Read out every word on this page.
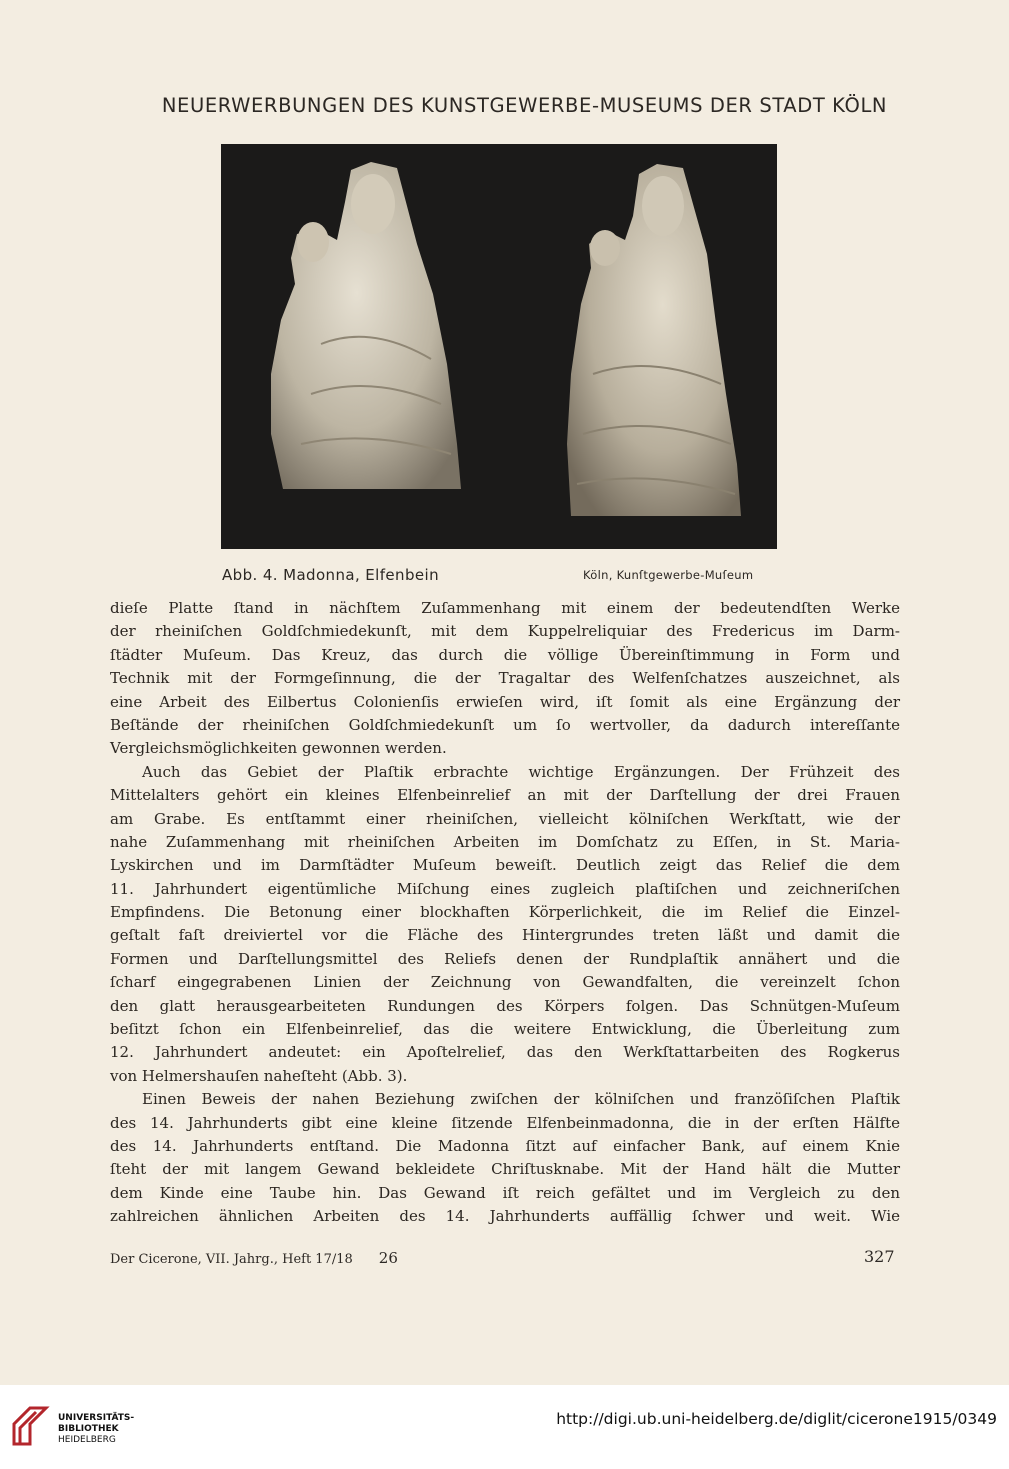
NEUERWERBUNGEN DES KUNSTGEWERBE-MUSEUMS DER STADT KÖLN
Abb. 4. Madonna, Elfenbein	Köln, Kunſtgewerbe-Muſeum
dieſe Platte ſtand in nächſtem Zuſammenhang mit einem der bedeutendſten Werke
der rheiniſchen Goldſchmiedekunſt, mit dem Kuppelreliquiar des Fredericus im Darm-
ſtädter Muſeum. Das Kreuz, das durch die völlige Übereinſtimmung in Form und
Technik mit der Formgeſinnung, die der Tragaltar des Welfenſchatzes auszeichnet, als
eine Arbeit des Eilbertus Colonienſis erwieſen wird, iſt ſomit als eine Ergänzung der
Beſtände der rheiniſchen Goldſchmiedekunſt um ſo wertvoller, da dadurch intereſſante
Vergleichsmöglichkeiten gewonnen werden.
Auch das Gebiet der Plaſtik erbrachte wichtige Ergänzungen. Der Frühzeit des
Mittelalters gehört ein kleines Elfenbeinrelief an mit der Darſtellung der drei Frauen
am Grabe. Es entſtammt einer rheiniſchen, vielleicht kölniſchen Werkſtatt, wie der
nahe Zuſammenhang mit rheiniſchen Arbeiten im Domſchatz zu Eſſen, in St. Maria-
Lyskirchen und im Darmſtädter Muſeum beweiſt. Deutlich zeigt das Relief die dem
11. Jahrhundert eigentümliche Miſchung eines zugleich plaſtiſchen und zeichneriſchen
Empfindens. Die Betonung einer blockhaften Körperlichkeit, die im Relief die Einzel-
geſtalt faſt dreiviertel vor die Fläche des Hintergrundes treten läßt und damit die
Formen und Darſtellungsmittel des Reliefs denen der Rundplaſtik annähert und die
ſcharf eingegrabenen Linien der Zeichnung von Gewandfalten, die vereinzelt ſchon
den glatt herausgearbeiteten Rundungen des Körpers folgen. Das Schnütgen-Muſeum
beſitzt ſchon ein Elfenbeinrelief, das die weitere Entwicklung, die Überleitung zum
12. Jahrhundert andeutet: ein Apoſtelrelief, das den Werkſtattarbeiten des Rogkerus
von Helmershauſen naheſteht (Abb. 3).
Einen Beweis der nahen Beziehung zwiſchen der kölniſchen und franzöſiſchen Plaſtik
des 14. Jahrhunderts gibt eine kleine ſitzende Elfenbeinmadonna, die in der erſten Hälfte
des 14. Jahrhunderts entſtand. Die Madonna ſitzt auf einfacher Bank, auf einem Knie
ſteht der mit langem Gewand bekleidete Chriſtusknabe. Mit der Hand hält die Mutter
dem Kinde eine Taube hin. Das Gewand iſt reich gefältet und im Vergleich zu den
zahlreichen ähnlichen Arbeiten des 14. Jahrhunderts auffällig ſchwer und weit. Wie
Der Cicerone, VII. Jahrg., Heft 17/18 26	327
UNIVERSITÄTS-
BIBLIOTHEK
HEIDELBERG
http://digi.ub.uni-heidelberg.de/diglit/cicerone1915/0349
